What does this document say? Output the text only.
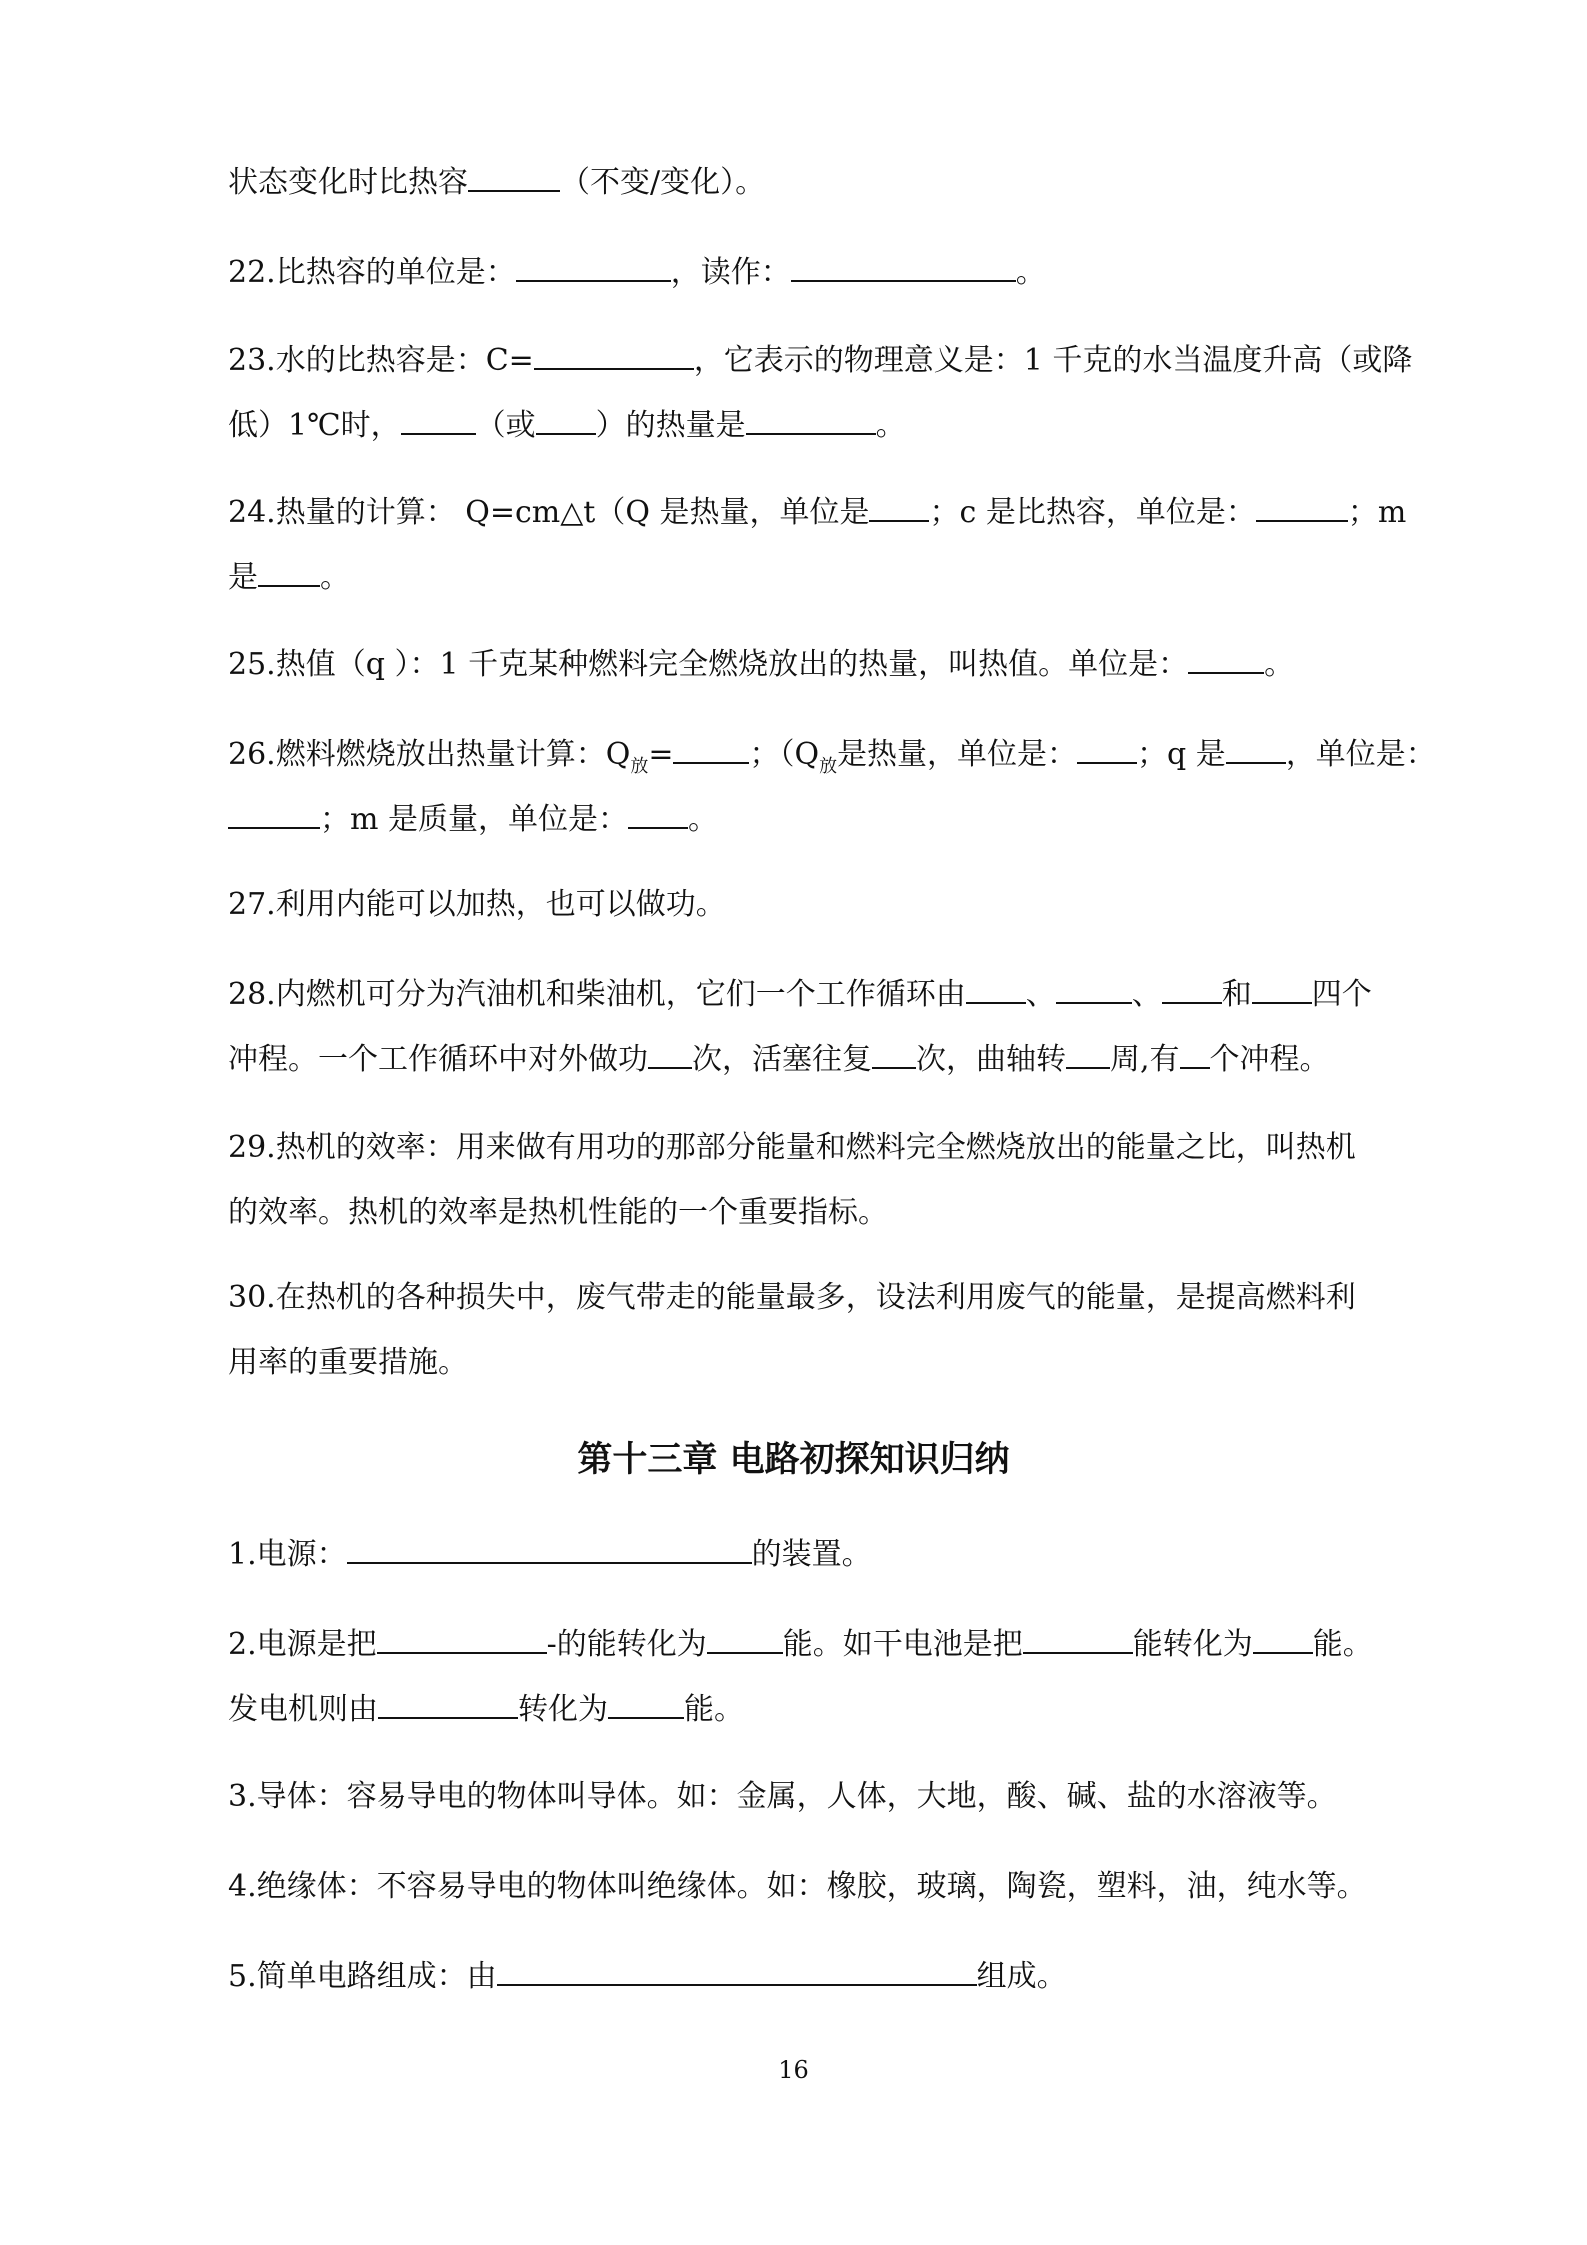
状态变化时比热容	（不变/变化）。
22.比热容的单位是：	，读作：	。
23.水的比热容是：C=	，它表示的物理意义是：1 千克的水当温度升高（或降
低）1℃时，	（或 ）的热量是	。
24.热量的计算： Q=cm△t（Q 是热量，单位是 ；c 是比热容，单位是：	；m
是 。
25.热值（q ）：1 千克某种燃料完全燃烧放出的热量，叫热值。单位是：	。
26.燃料燃烧放出热量计算：$Q_放=$	；（$Q_放$是热量，单位是： ；q 是 ，单位是：
；m 是质量，单位是： 。
27.利用内能可以加热，也可以做功。
28.内燃机可分为汽油机和柴油机，它们一个工作循环由 、	、 和 四个
冲程。一个工作循环中对外做功 次，活塞往复 次，曲轴转 周,有 个冲程。
29.热机的效率：用来做有用功的那部分能量和燃料完全燃烧放出的能量之比，叫热机
的效率。热机的效率是热机性能的一个重要指标。
30.在热机的各种损失中，废气带走的能量最多，设法利用废气的能量，是提高燃料利
用率的重要措施。
第十三章 电路初探知识归纳
1.电源：	的装置。
2.电源是把	-的能转化为	能。如干电池是把	能转化为 能。
发电机则由	转化为	能。
3.导体：容易导电的物体叫导体。如：金属，人体，大地，酸、碱、盐的水溶液等。
4.绝缘体：不容易导电的物体叫绝缘体。如：橡胶，玻璃，陶瓷，塑料，油，纯水等。
5.简单电路组成：由	组成。
16
